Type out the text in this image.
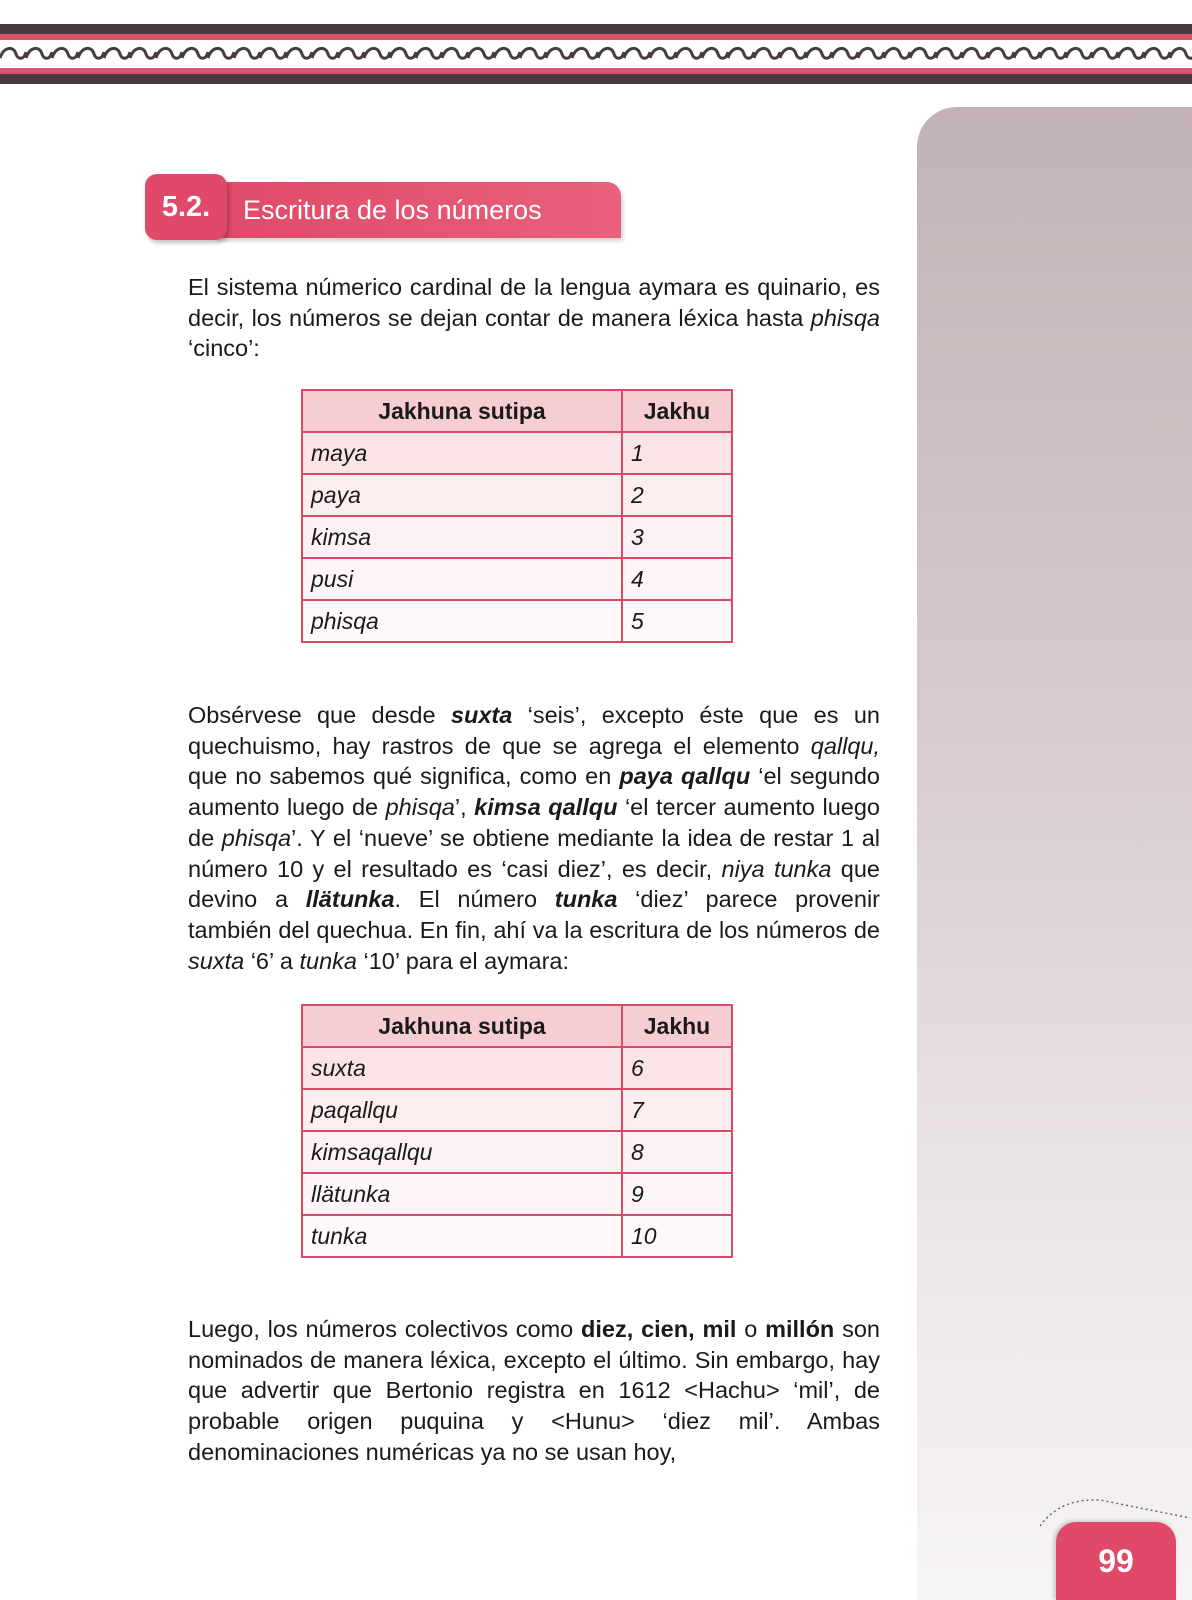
Escritura de los números
5.2.

El sistema númerico cardinal de la lengua aymara es quinario, es decir, los números se dejan contar de manera léxica hasta phisqa ‘cinco’:

Jakhuna sutipa	Jakhu
maya	1
paya	2
kimsa	3
pusi	4
phisqa	5

Obsérvese que desde suxta ‘seis’, excepto éste que es un quechuismo, hay rastros de que se agrega el elemento qallqu, que no sabemos qué significa, como en paya qallqu ‘el segundo aumento luego de phisqa’, kimsa qallqu ‘el tercer aumento luego de phisqa’. Y el ‘nueve’ se obtiene mediante la idea de restar 1 al número 10 y el resultado es ‘casi diez’, es decir, niya tunka que devino a llätunka. El número tunka ‘diez’ parece provenir también del quechua. En fin, ahí va la escritura de los números de suxta ‘6’ a tunka ‘10’ para el aymara:

Jakhuna sutipa	Jakhu
suxta	6
paqallqu	7
kimsaqallqu	8
llätunka	9
tunka	10

Luego, los números colectivos como diez, cien, mil o millón son nominados de manera léxica, excepto el último. Sin embargo, hay que advertir que Bertonio registra en 1612 <Hachu> ‘mil’, de probable origen puquina y <Hunu> ‘diez mil’. Ambas denominaciones numéricas ya no se usan hoy,

99
